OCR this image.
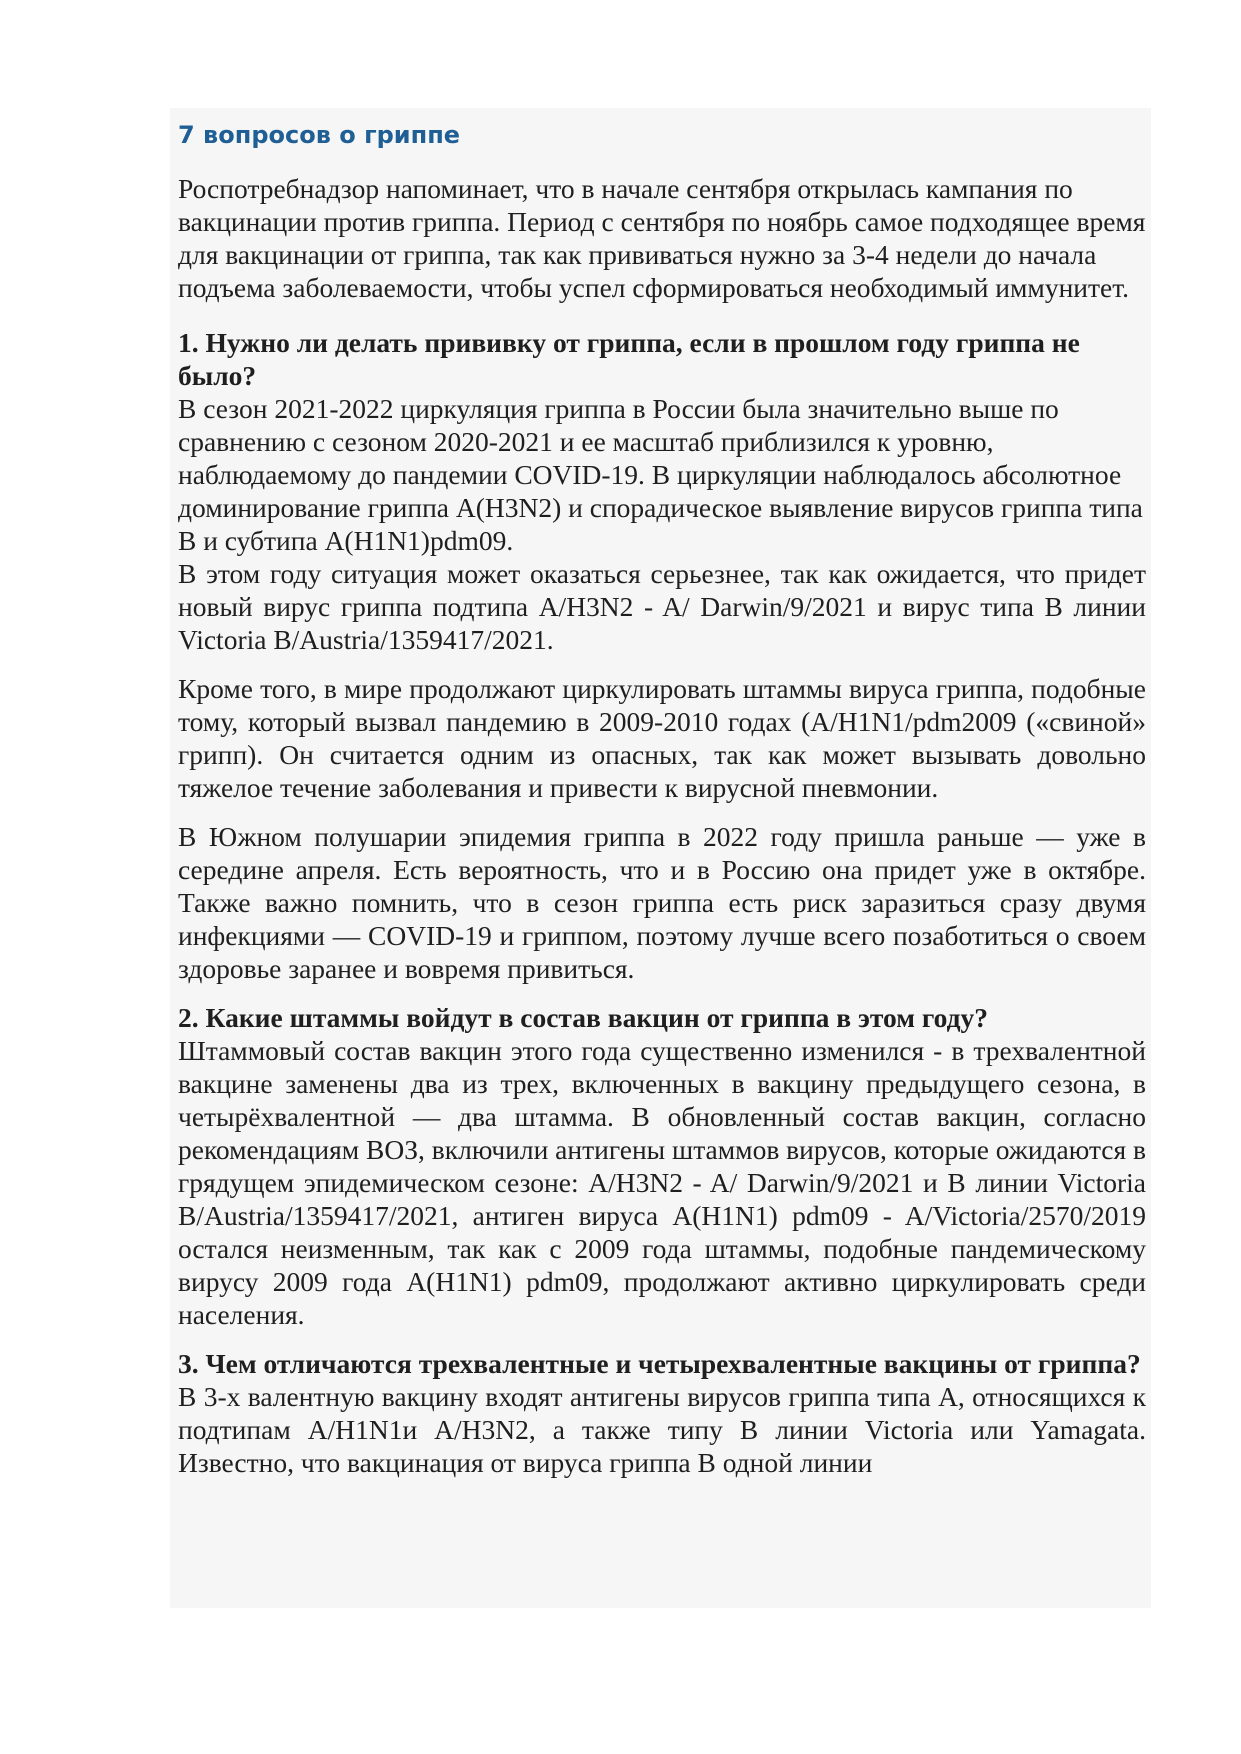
7 вопросов о гриппе

Роспотребнадзор напоминает, что в начале сентября открылась кампания по вакцинации против гриппа. Период с сентября по ноябрь самое подходящее время для вакцинации от гриппа, так как прививаться нужно за 3-4 недели до начала подъема заболеваемости, чтобы успел сформироваться необходимый иммунитет.

1. Нужно ли делать прививку от гриппа, если в прошлом году гриппа не было?

В сезон 2021-2022 циркуляция гриппа в России была значительно выше по сравнению с сезоном 2020-2021 и ее масштаб приблизился к уровню, наблюдаемому до пандемии COVID-19. В циркуляции наблюдалось абсолютное доминирование гриппа A(H3N2) и спорадическое выявление вирусов гриппа типа B и субтипа A(H1N1)pdm09.

В этом году ситуация может оказаться серьезнее, так как ожидается, что придет новый вирус гриппа подтипа A/H3N2 - A/ Darwin/9/2021 и вирус типа В линии Victoria B/Austria/1359417/2021.

Кроме того, в мире продолжают циркулировать штаммы вируса гриппа, подобные тому, который вызвал пандемию в 2009-2010 годах (A/H1N1/pdm2009 («свиной» грипп). Он считается одним из опасных, так как может вызывать довольно тяжелое течение заболевания и привести к вирусной пневмонии.

В Южном полушарии эпидемия гриппа в 2022 году пришла раньше — уже в середине апреля. Есть вероятность, что и в Россию она придет уже в октябре. Также важно помнить, что в сезон гриппа есть риск заразиться сразу двумя инфекциями — COVID-19 и гриппом, поэтому лучше всего позаботиться о своем здоровье заранее и вовремя привиться.

2. Какие штаммы войдут в состав вакцин от гриппа в этом году?

Штаммовый состав вакцин этого года существенно изменился - в трехвалентной вакцине заменены два из трех, включенных в вакцину предыдущего сезона, в четырёхвалентной — два штамма. В обновленный состав вакцин, согласно рекомендациям ВОЗ, включили антигены штаммов вирусов, которые ожидаются в грядущем эпидемическом сезоне: A/H3N2 - A/ Darwin/9/2021 и B линии Victoria B/Austria/1359417/2021, антиген вируса A(H1N1) pdm09 - A/Victoria/2570/2019 остался неизменным, так как с 2009 года штаммы, подобные пандемическому вирусу 2009 года A(H1N1) pdm09, продолжают активно циркулировать среди населения.

3. Чем отличаются трехвалентные и четырехвалентные вакцины от гриппа?

В 3-х валентную вакцину входят антигены вирусов гриппа типа А, относящихся к подтипам A/H1N1и A/H3N2, а также типу В линии Victoria или Yamagata. Известно, что вакцинация от вируса гриппа В одной линии
